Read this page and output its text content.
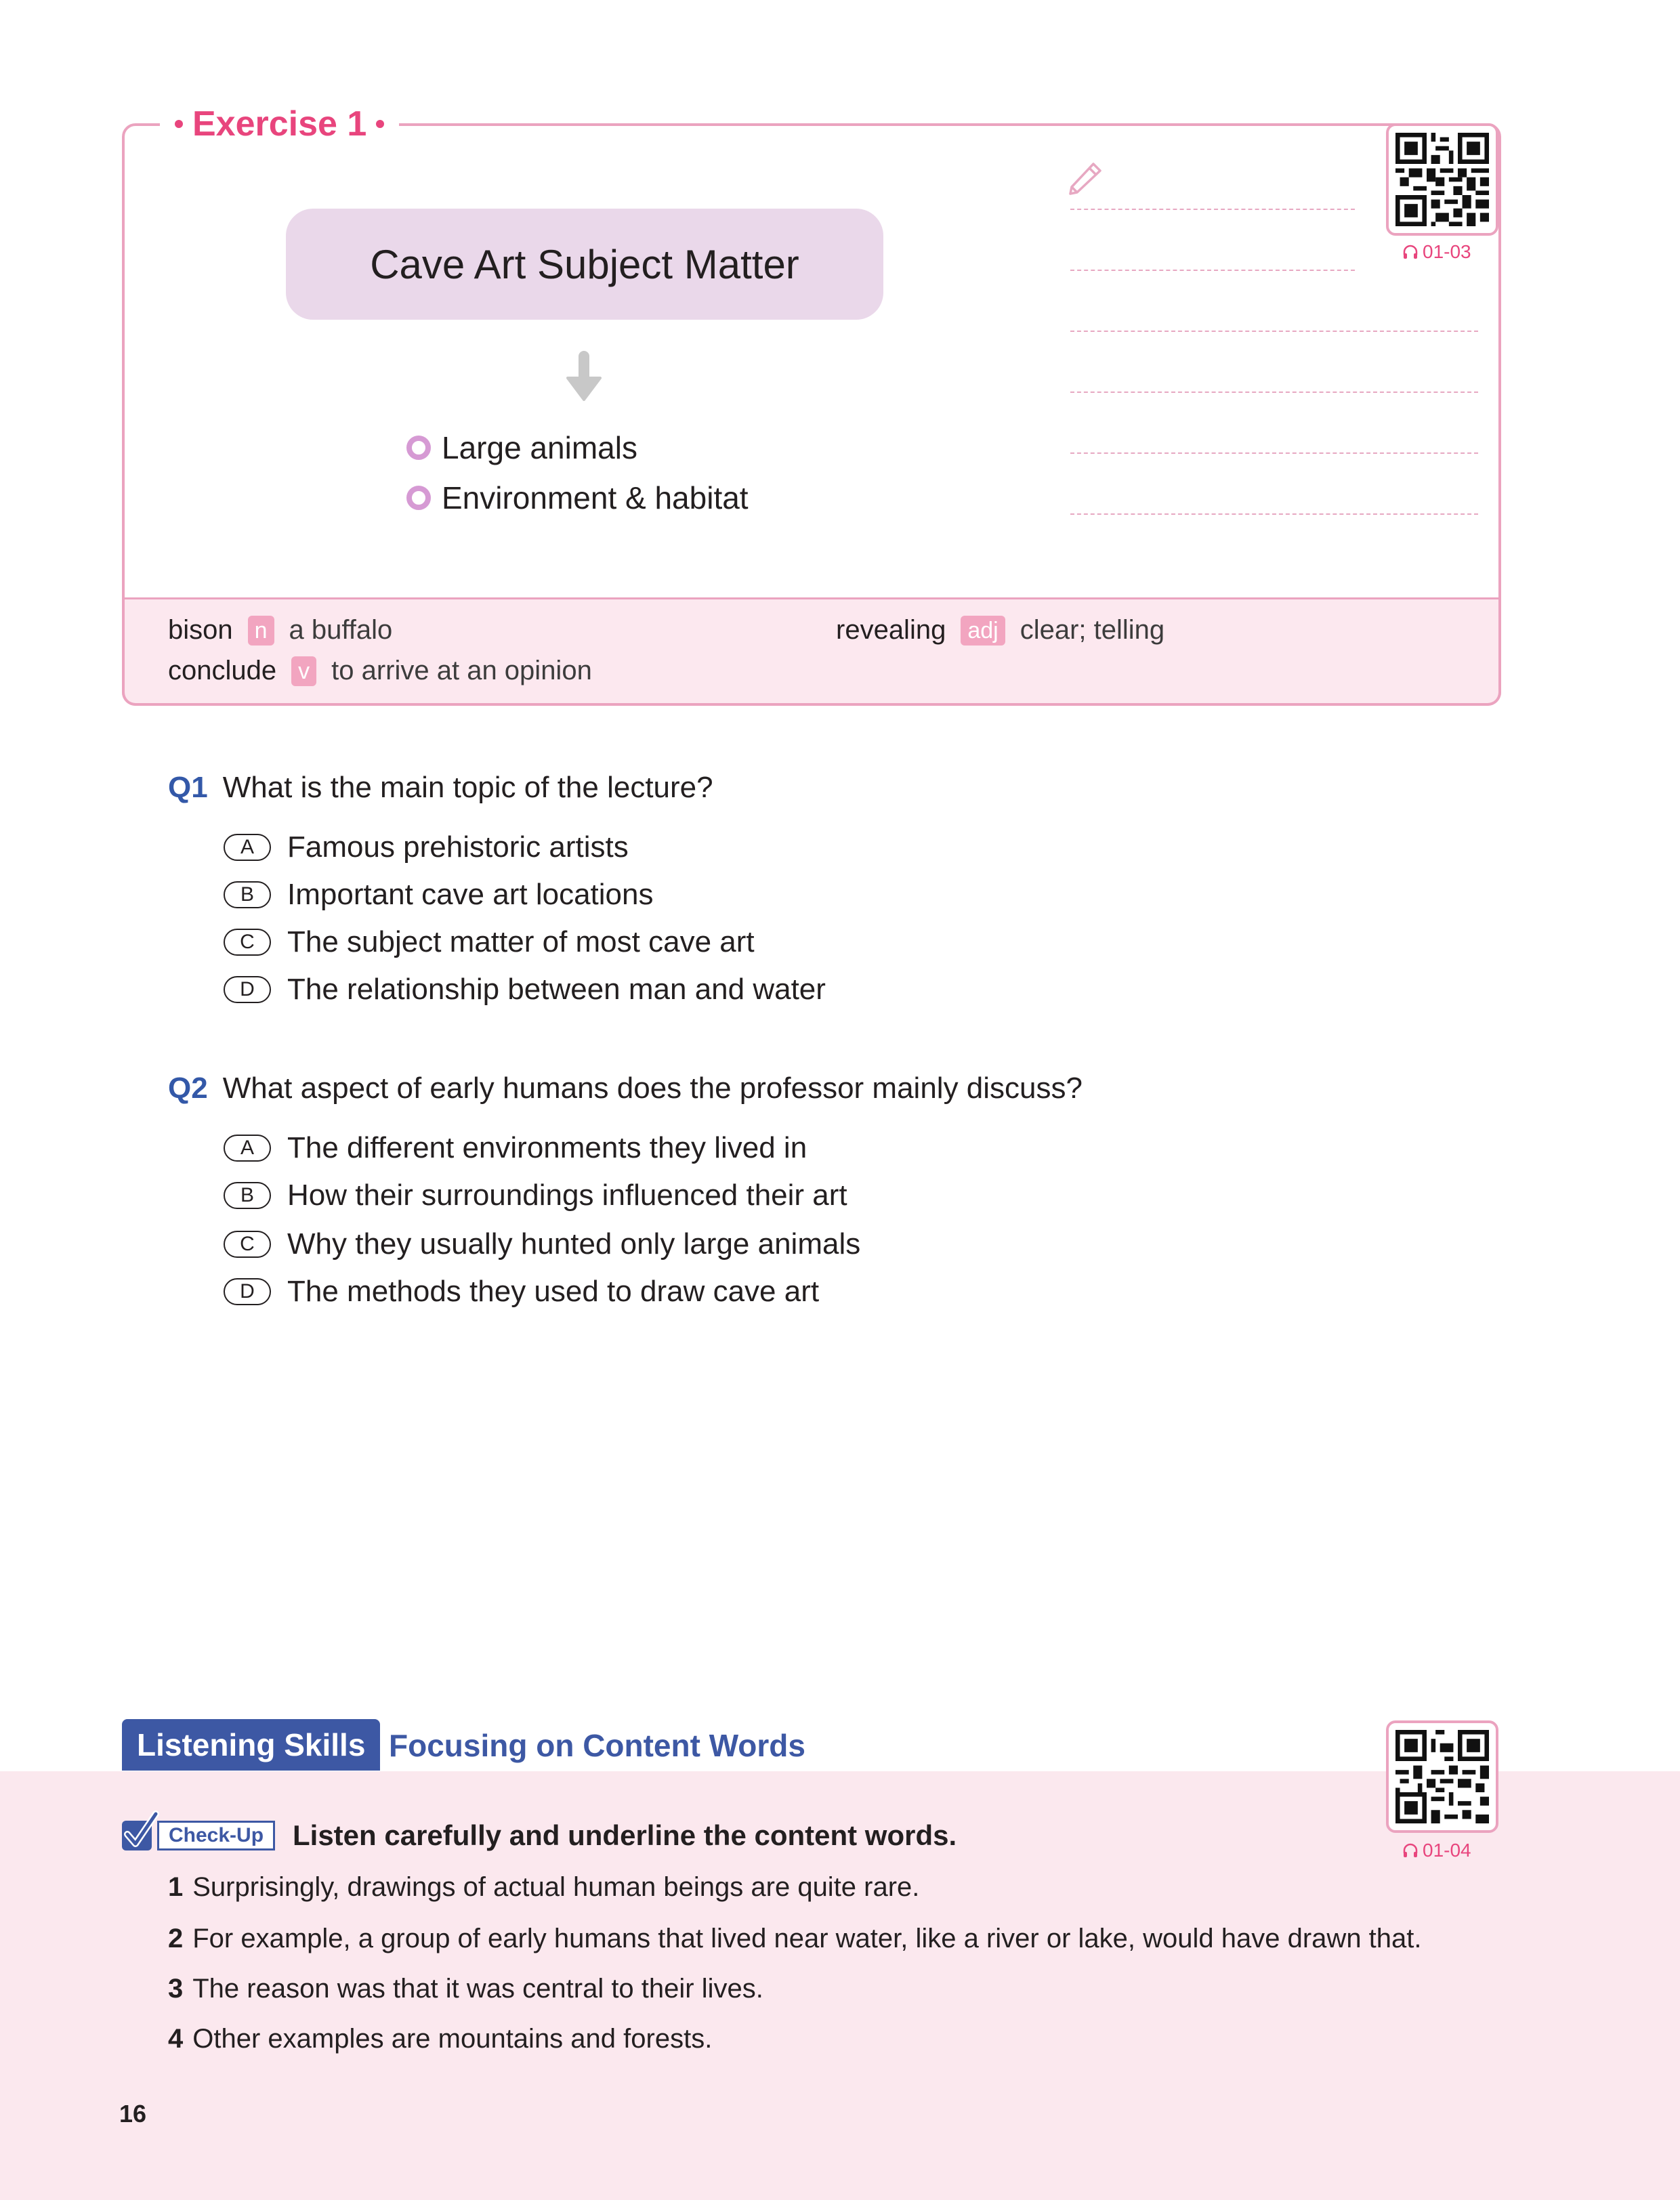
Exercise 1
Cave Art Subject Matter
Large animals
Environment & habitat
01-03
bison n a buffalo
conclude v to arrive at an opinion
revealing adj clear; telling
Q1 What is the main topic of the lecture?
A	Famous prehistoric artists
B	Important cave art locations
C	The subject matter of most cave art
D	The relationship between man and water
Q2 What aspect of early humans does the professor mainly discuss?
A	The different environments they lived in
B	How their surroundings influenced their art
C	Why they usually hunted only large animals
D	The methods they used to draw cave art
Listening Skills Focusing on Content Words
01-04
Check-Up	Listen carefully and underline the content words.
1 Surprisingly, drawings of actual human beings are quite rare.
2 For example, a group of early humans that lived near water, like a river or lake, would have drawn that.
3 The reason was that it was central to their lives.
4 Other examples are mountains and forests.
16
